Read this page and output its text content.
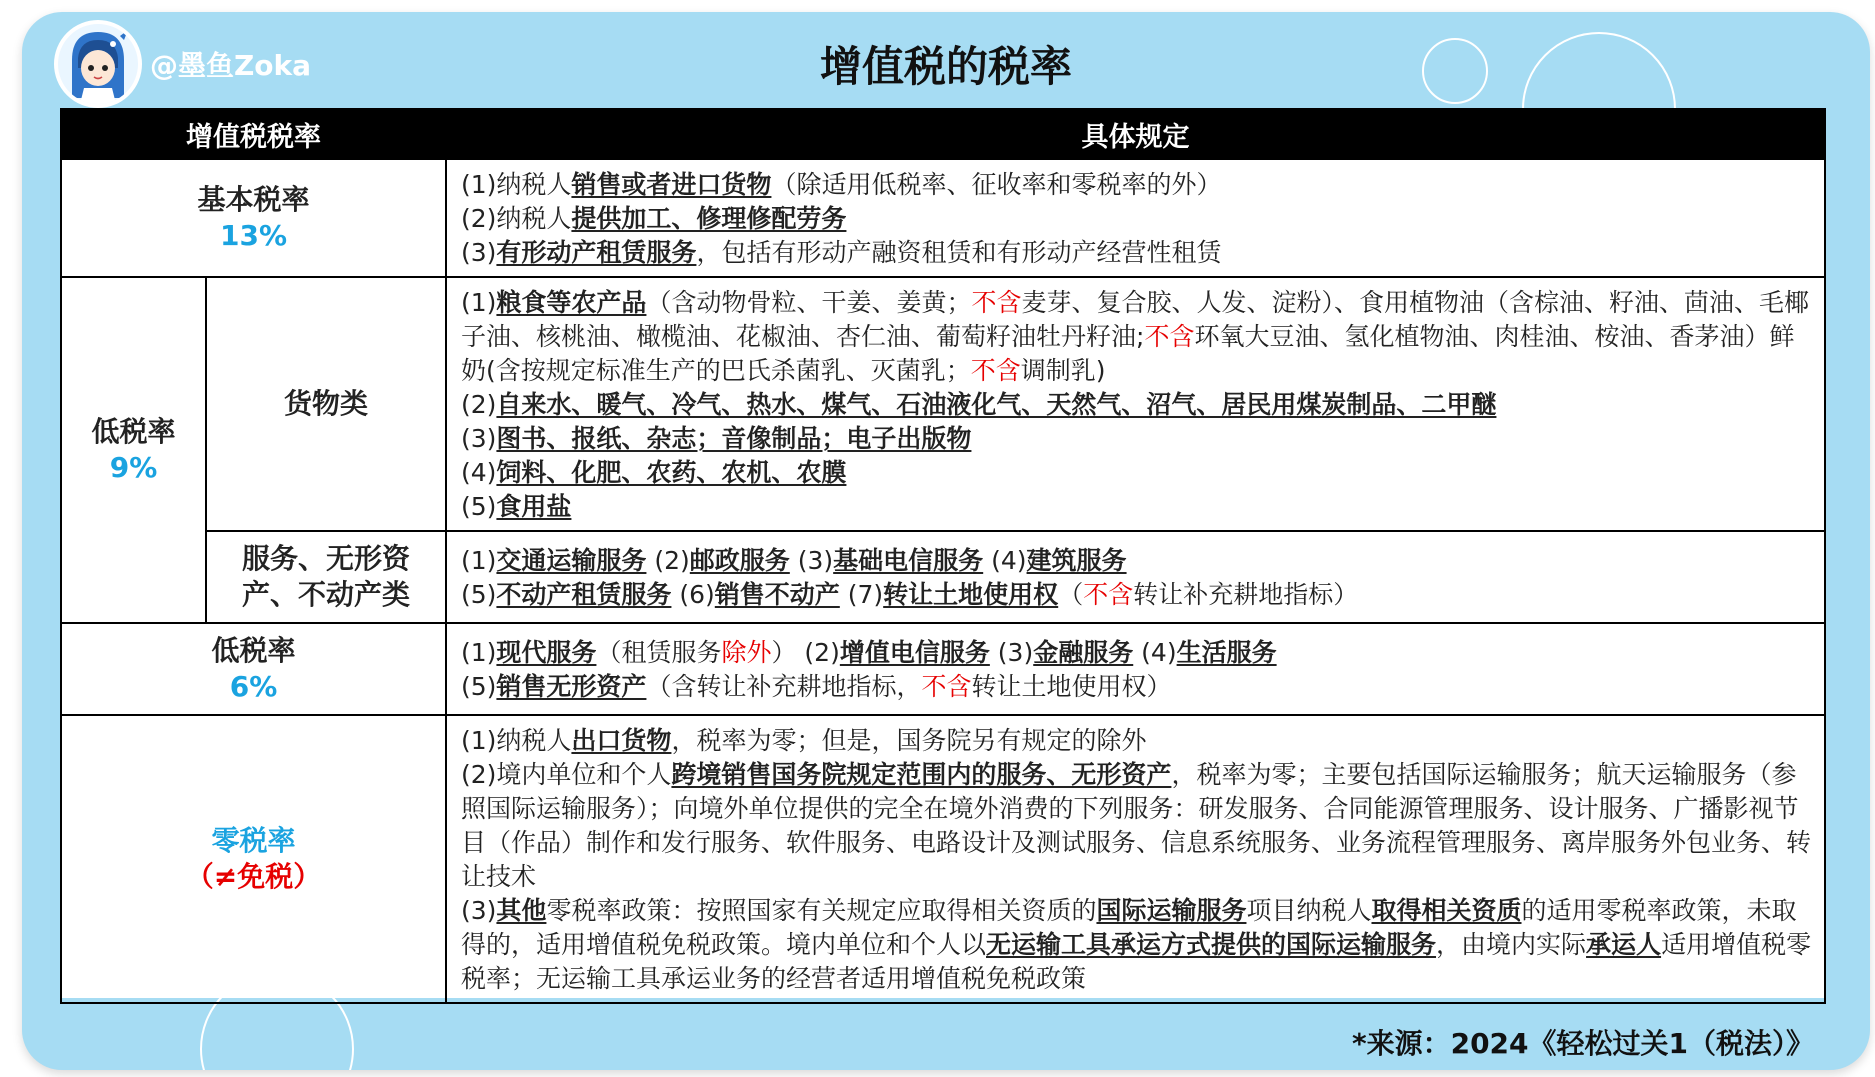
@墨鱼Zoka	增值税的税率
增值税税率		具体规定

基本税率
13%		(1)纳税人销售或者进口货物（除适用低税率、征收率和零税率的外）
(2)纳税人提供加工、修理修配劳务
(3)有形动产租赁服务，包括有形动产融资租赁和有形动产经营性租赁

低税率
9%	货物类	(1)粮食等农产品（含动物骨粒、干姜、姜黄；不含麦芽、复合胶、人发、淀粉）、食用植物油（含棕油、籽油、茴油、毛椰子油、核桃油、橄榄油、花椒油、杏仁油、葡萄籽油牡丹籽油;不含环氧大豆油、氢化植物油、肉桂油、桉油、香茅油）鲜奶(含按规定标准生产的巴氏杀菌乳、灭菌乳；不含调制乳)
(2)自来水、暖气、冷气、热水、煤气、石油液化气、天然气、沼气、居民用煤炭制品、二甲醚
(3)图书、报纸、杂志；音像制品；电子出版物
(4)饲料、化肥、农药、农机、农膜
(5)食用盐

	服务、无形资产、不动产类	(1)交通运输服务 (2)邮政服务 (3)基础电信服务 (4)建筑服务
(5)不动产租赁服务 (6)销售不动产 (7)转让土地使用权（不含转让补充耕地指标）

低税率
6%		(1)现代服务（租赁服务除外） (2)增值电信服务 (3)金融服务 (4)生活服务
(5)销售无形资产（含转让补充耕地指标，不含转让土地使用权）

零税率
（≠免税）		(1)纳税人出口货物，税率为零；但是，国务院另有规定的除外
(2)境内单位和个人跨境销售国务院规定范围内的服务、无形资产，税率为零；主要包括国际运输服务；航天运输服务（参照国际运输服务）；向境外单位提供的完全在境外消费的下列服务：研发服务、合同能源管理服务、设计服务、广播影视节目（作品）制作和发行服务、软件服务、电路设计及测试服务、信息系统服务、业务流程管理服务、离岸服务外包业务、转让技术
(3)其他零税率政策：按照国家有关规定应取得相关资质的国际运输服务项目纳税人取得相关资质的适用零税率政策，未取得的，适用增值税免税政策。境内单位和个人以无运输工具承运方式提供的国际运输服务，由境内实际承运人适用增值税零税率；无运输工具承运业务的经营者适用增值税免税政策
*来源：2024《轻松过关1（税法）》
